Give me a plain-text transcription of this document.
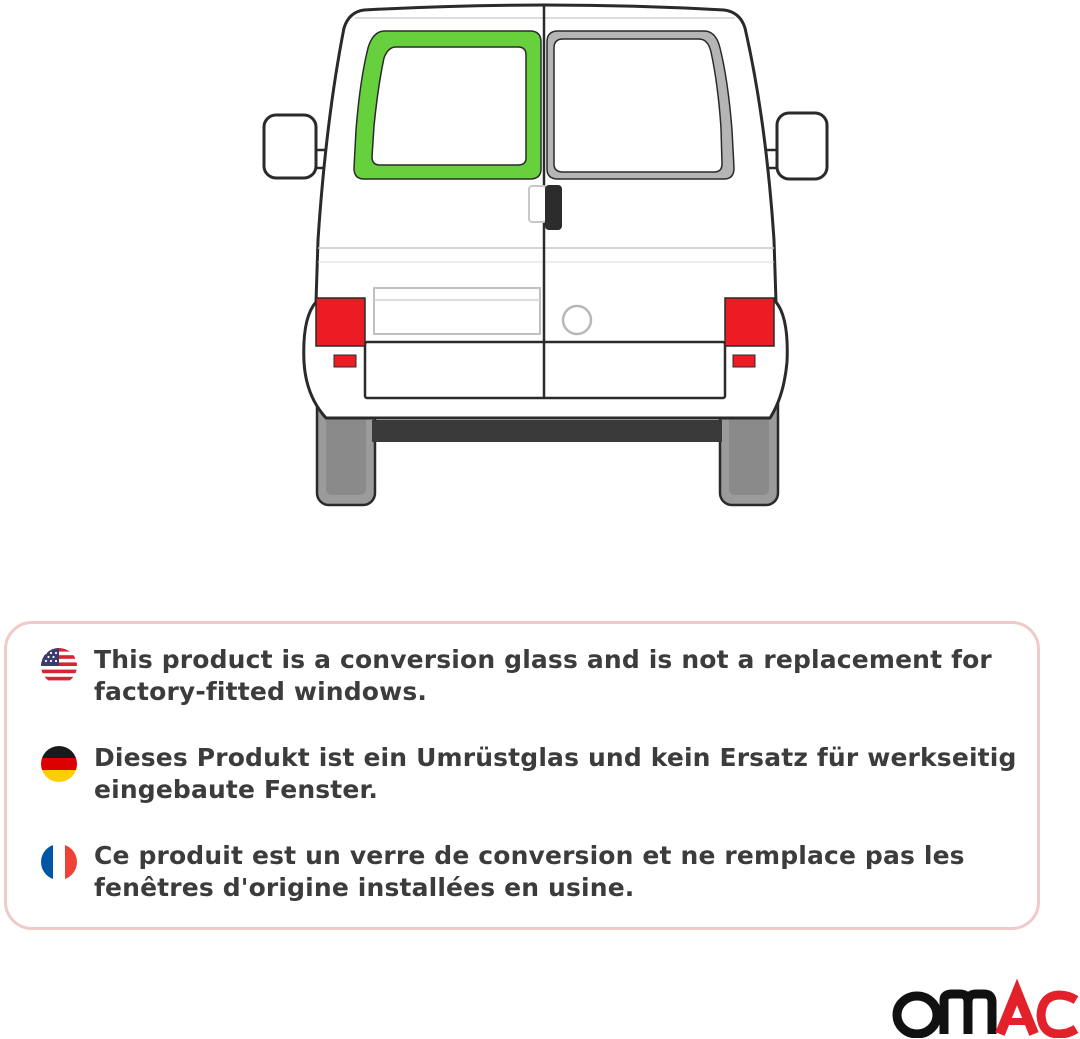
This product is a conversion glass and is not a replacement for factory-fitted windows.
Dieses Produkt ist ein Umrüstglas und kein Ersatz für werkseitig eingebaute Fenster.
Ce produit est un verre de conversion et ne remplace pas les fenêtres d'origine installées en usine.
